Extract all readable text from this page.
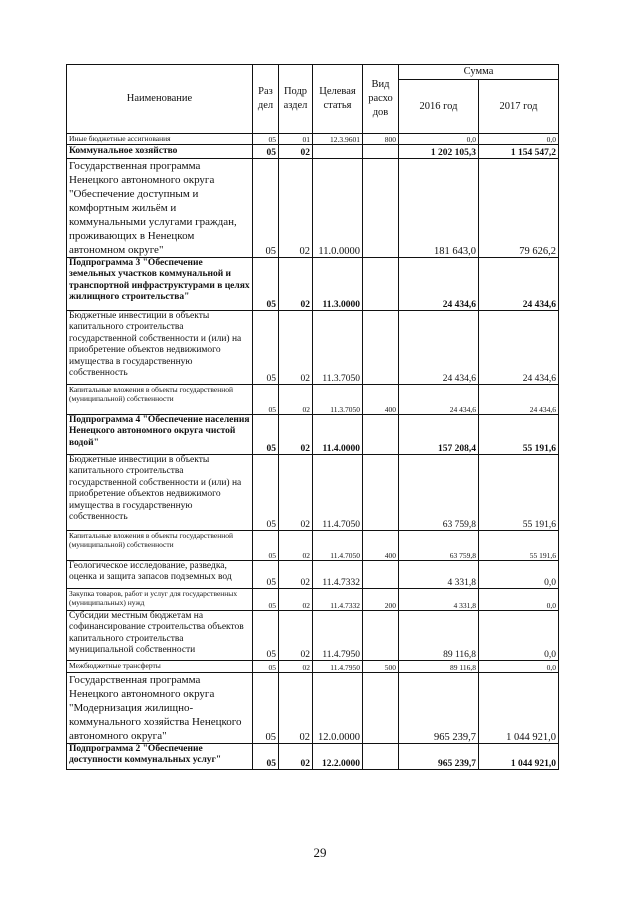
Наименование	Раз дел	Подр аздел	Целевая статья	Вид расхо дов	Сумма	
					2016 год	2017 год
Иные бюджетные ассигнования	05	01	12.3.9601	800	0,0	0,0
Коммунальное хозяйство	05	02			1 202 105,3	1 154 547,2
Государственная программа Ненецкого автономного округа "Обеспечение доступным и комфортным жильём и коммунальными услугами граждан, проживающих в Ненецком автономном округе"	05	02	11.0.0000		181 643,0	79 626,2
Подпрограмма 3 "Обеспечение земельных участков коммунальной и транспортной инфраструктурами в целях жилищного строительства"	05	02	11.3.0000		24 434,6	24 434,6
Бюджетные инвестиции в объекты капитального строительства государственной собственности и (или) на приобретение объектов недвижимого имущества в государственную собственность	05	02	11.3.7050		24 434,6	24 434,6
Капитальные вложения в объекты государственной (муниципальной) собственности	05	02	11.3.7050	400	24 434,6	24 434,6
Подпрограмма 4 "Обеспечение населения Ненецкого автономного округа чистой водой"	05	02	11.4.0000		157 208,4	55 191,6
Бюджетные инвестиции в объекты капитального строительства государственной собственности и (или) на приобретение объектов недвижимого имущества в государственную собственность	05	02	11.4.7050		63 759,8	55 191,6
Капитальные вложения в объекты государственной (муниципальной) собственности	05	02	11.4.7050	400	63 759,8	55 191,6
Геологическое исследование, разведка, оценка и защита запасов подземных вод	05	02	11.4.7332		4 331,8	0,0
Закупка товаров, работ и услуг для государственных (муниципальных) нужд	05	02	11.4.7332	200	4 331,8	0,0
Субсидии местным бюджетам на софинансирование строительства объектов капитального строительства муниципальной собственности	05	02	11.4.7950		89 116,8	0,0
Межбюджетные трансферты	05	02	11.4.7950	500	89 116,8	0,0
Государственная программа Ненецкого автономного округа "Модернизация жилищно-коммунального хозяйства Ненецкого автономного округа"	05	02	12.0.0000		965 239,7	1 044 921,0
Подпрограмма 2 "Обеспечение доступности коммунальных услуг"	05	02	12.2.0000		965 239,7	1 044 921,0
29
